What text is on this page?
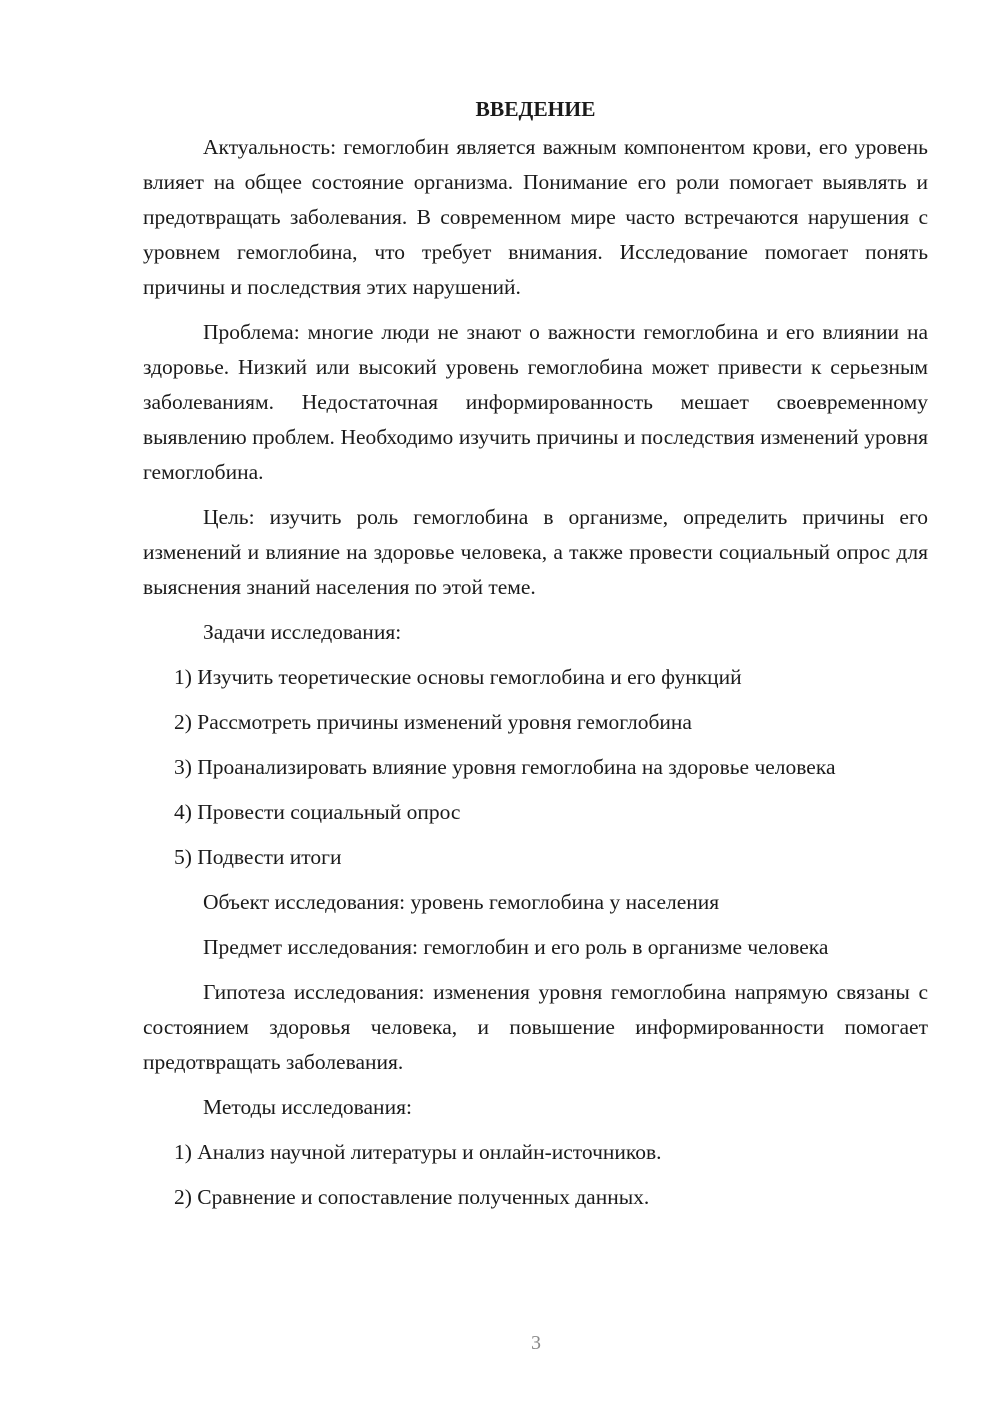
ВВЕДЕНИЕ

Актуальность: гемоглобин является важным компонентом крови, его уровень влияет на общее состояние организма. Понимание его роли помогает выявлять и предотвращать заболевания. В современном мире часто встречаются нарушения с уровнем гемоглобина, что требует внимания. Исследование помогает понять причины и последствия этих нарушений.

Проблема: многие люди не знают о важности гемоглобина и его влиянии на здоровье. Низкий или высокий уровень гемоглобина может привести к серьезным заболеваниям. Недостаточная информированность мешает своевременному выявлению проблем. Необходимо изучить причины и последствия изменений уровня гемоглобина.

Цель: изучить роль гемоглобина в организме, определить причины его изменений и влияние на здоровье человека, а также провести социальный опрос для выяснения знаний населения по этой теме.

Задачи исследования:

1) Изучить теоретические основы гемоглобина и его функций

2) Рассмотреть причины изменений уровня гемоглобина

3) Проанализировать влияние уровня гемоглобина на здоровье человека

4) Провести социальный опрос

5) Подвести итоги

Объект исследования: уровень гемоглобина у населения

Предмет исследования: гемоглобин и его роль в организме человека

Гипотеза исследования: изменения уровня гемоглобина напрямую связаны с состоянием здоровья человека, и повышение информированности помогает предотвращать заболевания.

Методы исследования:

1) Анализ научной литературы и онлайн-источников.

2) Сравнение и сопоставление полученных данных.

3
